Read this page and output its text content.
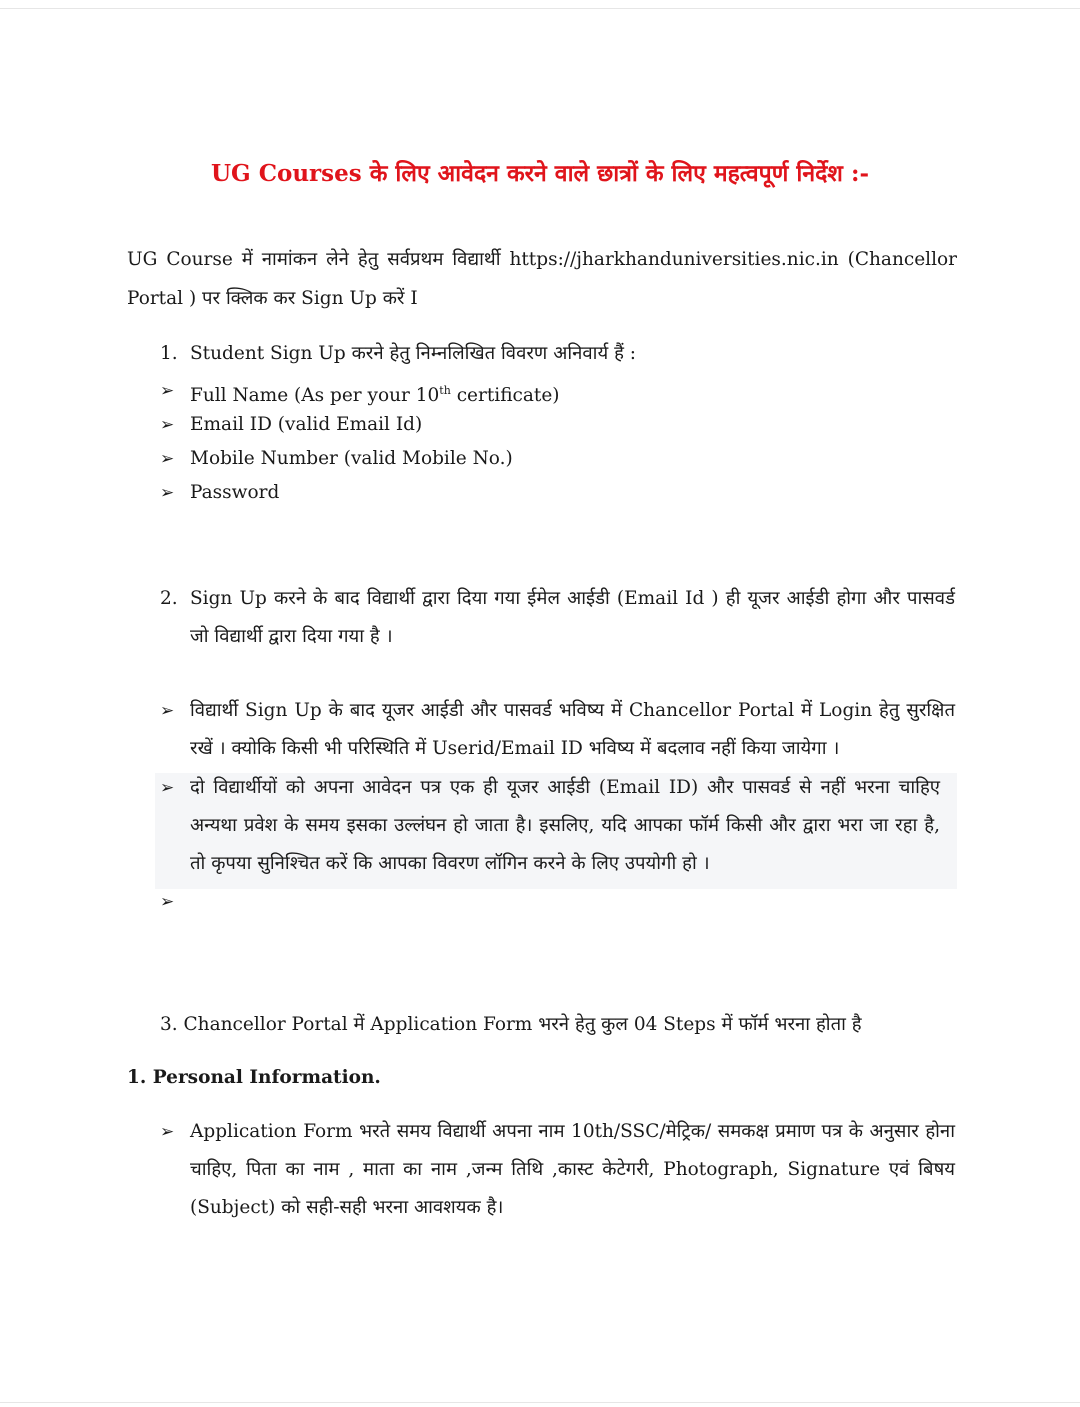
UG Courses के लिए आवेदन करने वाले छात्रों के लिए महत्वपूर्ण निर्देश :-
UG Course में नामांकन लेने हेतु सर्वप्रथम विद्यार्थी https://jharkhanduniversities.nic.in (Chancellor Portal ) पर क्लिक कर Sign Up करें I
1. Student Sign Up करने हेतु निम्नलिखित विवरण अनिवार्य हैं :
➢ Full Name (As per your 10th certificate)
➢ Email ID (valid Email Id)
➢ Mobile Number (valid Mobile No.)
➢ Password
2. Sign Up करने के बाद विद्यार्थी द्वारा दिया गया ईमेल आईडी (Email Id ) ही यूजर आईडी होगा और पासवर्ड जो विद्यार्थी द्वारा दिया गया है ।
➢ विद्यार्थी Sign Up के बाद यूजर आईडी और पासवर्ड भविष्य में Chancellor Portal में Login हेतु सुरक्षित रखें । क्योकि किसी भी परिस्थिति में Userid/Email ID भविष्य में बदलाव नहीं किया जायेगा ।
➢ दो विद्यार्थीयों को अपना आवेदन पत्र एक ही यूजर आईडी (Email ID) और पासवर्ड से नहीं भरना चाहिए अन्यथा प्रवेश के समय इसका उल्लंघन हो जाता है। इसलिए, यदि आपका फॉर्म किसी और द्वारा भरा जा रहा है, तो कृपया सुनिश्चित करें कि आपका विवरण लॉगिन करने के लिए उपयोगी हो ।
➢
3. Chancellor Portal में Application Form भरने हेतु कुल 04 Steps में फॉर्म भरना होता है
1. Personal Information.
➢ Application Form भरते समय विद्यार्थी अपना नाम 10th/SSC/मेट्रिक/ समकक्ष प्रमाण पत्र के अनुसार होना चाहिए, पिता का नाम , माता का नाम ,जन्म तिथि ,कास्ट केटेगरी, Photograph, Signature एवं बिषय (Subject) को सही-सही भरना आवशयक है।
